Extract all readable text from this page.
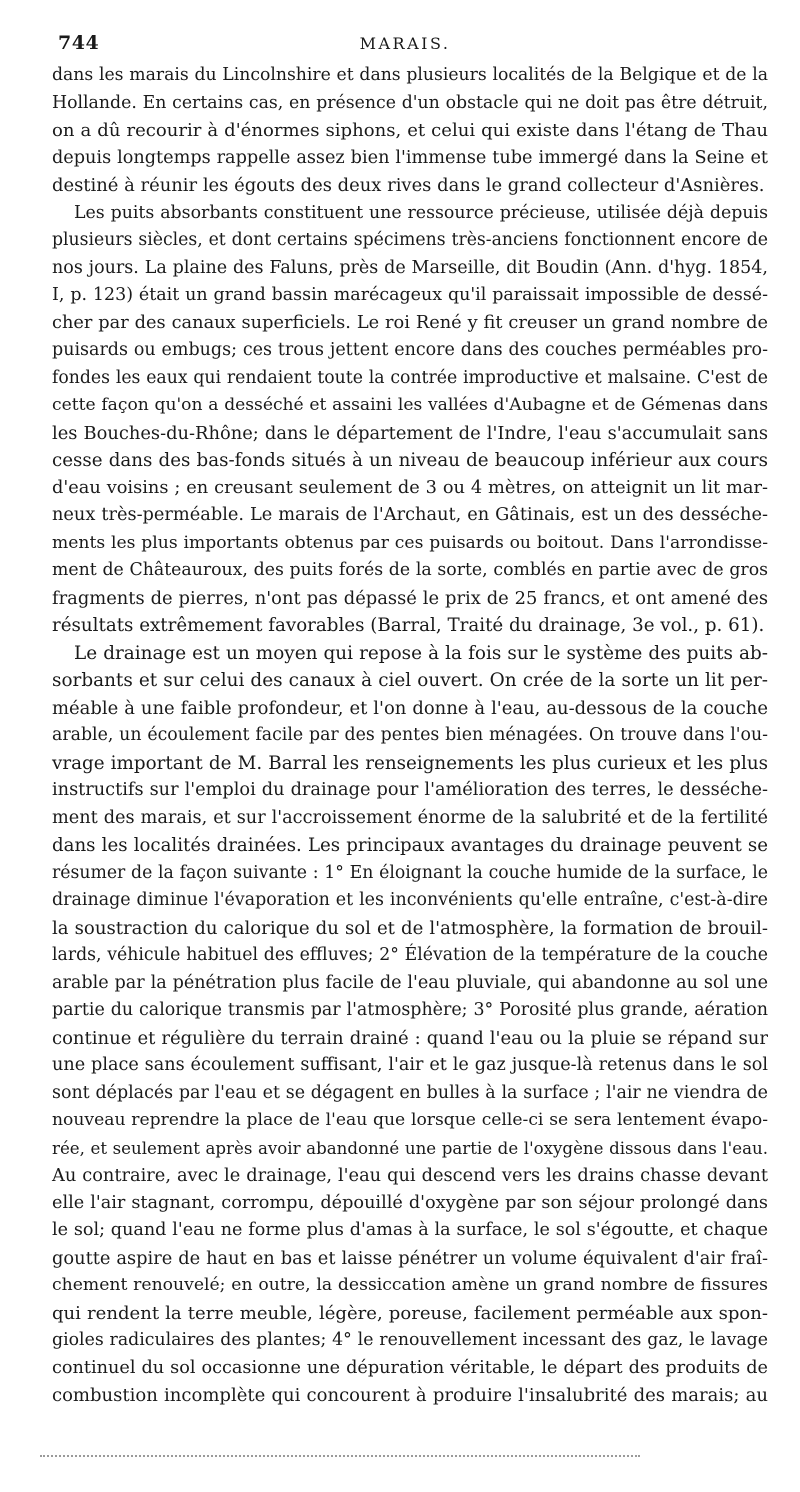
744	MARAIS.
dans les marais du Lincolnshire et dans plusieurs localités de la Belgique et de la
Hollande. En certains cas, en présence d'un obstacle qui ne doit pas être détruit,
on a dû recourir à d'énormes siphons, et celui qui existe dans l'étang de Thau
depuis longtemps rappelle assez bien l'immense tube immergé dans la Seine et
destiné à réunir les égouts des deux rives dans le grand collecteur d'Asnières.
Les puits absorbants constituent une ressource précieuse, utilisée déjà depuis
plusieurs siècles, et dont certains spécimens très-anciens fonctionnent encore de
nos jours. La plaine des Faluns, près de Marseille, dit Boudin (Ann. d'hyg. 1854,
I, p. 123) était un grand bassin marécageux qu'il paraissait impossible de dessé-
cher par des canaux superficiels. Le roi René y fit creuser un grand nombre de
puisards ou embugs; ces trous jettent encore dans des couches perméables pro-
fondes les eaux qui rendaient toute la contrée improductive et malsaine. C'est de
cette façon qu'on a desséché et assaini les vallées d'Aubagne et de Gémenas dans
les Bouches-du-Rhône; dans le département de l'Indre, l'eau s'accumulait sans
cesse dans des bas-fonds situés à un niveau de beaucoup inférieur aux cours
d'eau voisins ; en creusant seulement de 3 ou 4 mètres, on atteignit un lit mar-
neux très-perméable. Le marais de l'Archaut, en Gâtinais, est un des desséche-
ments les plus importants obtenus par ces puisards ou boitout. Dans l'arrondisse-
ment de Châteauroux, des puits forés de la sorte, comblés en partie avec de gros
fragments de pierres, n'ont pas dépassé le prix de 25 francs, et ont amené des
résultats extrêmement favorables (Barral, Traité du drainage, 3e vol., p. 61).
Le drainage est un moyen qui repose à la fois sur le système des puits ab-
sorbants et sur celui des canaux à ciel ouvert. On crée de la sorte un lit per-
méable à une faible profondeur, et l'on donne à l'eau, au-dessous de la couche
arable, un écoulement facile par des pentes bien ménagées. On trouve dans l'ou-
vrage important de M. Barral les renseignements les plus curieux et les plus
instructifs sur l'emploi du drainage pour l'amélioration des terres, le desséche-
ment des marais, et sur l'accroissement énorme de la salubrité et de la fertilité
dans les localités drainées. Les principaux avantages du drainage peuvent se
résumer de la façon suivante : 1° En éloignant la couche humide de la surface, le
drainage diminue l'évaporation et les inconvénients qu'elle entraîne, c'est-à-dire
la soustraction du calorique du sol et de l'atmosphère, la formation de brouil-
lards, véhicule habituel des effluves; 2° Élévation de la température de la couche
arable par la pénétration plus facile de l'eau pluviale, qui abandonne au sol une
partie du calorique transmis par l'atmosphère; 3° Porosité plus grande, aération
continue et régulière du terrain drainé : quand l'eau ou la pluie se répand sur
une place sans écoulement suffisant, l'air et le gaz jusque-là retenus dans le sol
sont déplacés par l'eau et se dégagent en bulles à la surface ; l'air ne viendra de
nouveau reprendre la place de l'eau que lorsque celle-ci se sera lentement évapo-
rée, et seulement après avoir abandonné une partie de l'oxygène dissous dans l'eau.
Au contraire, avec le drainage, l'eau qui descend vers les drains chasse devant
elle l'air stagnant, corrompu, dépouillé d'oxygène par son séjour prolongé dans
le sol; quand l'eau ne forme plus d'amas à la surface, le sol s'égoutte, et chaque
goutte aspire de haut en bas et laisse pénétrer un volume équivalent d'air fraî-
chement renouvelé; en outre, la dessiccation amène un grand nombre de fissures
qui rendent la terre meuble, légère, poreuse, facilement perméable aux spon-
gioles radiculaires des plantes; 4° le renouvellement incessant des gaz, le lavage
continuel du sol occasionne une dépuration véritable, le départ des produits de
combustion incomplète qui concourent à produire l'insalubrité des marais; au
